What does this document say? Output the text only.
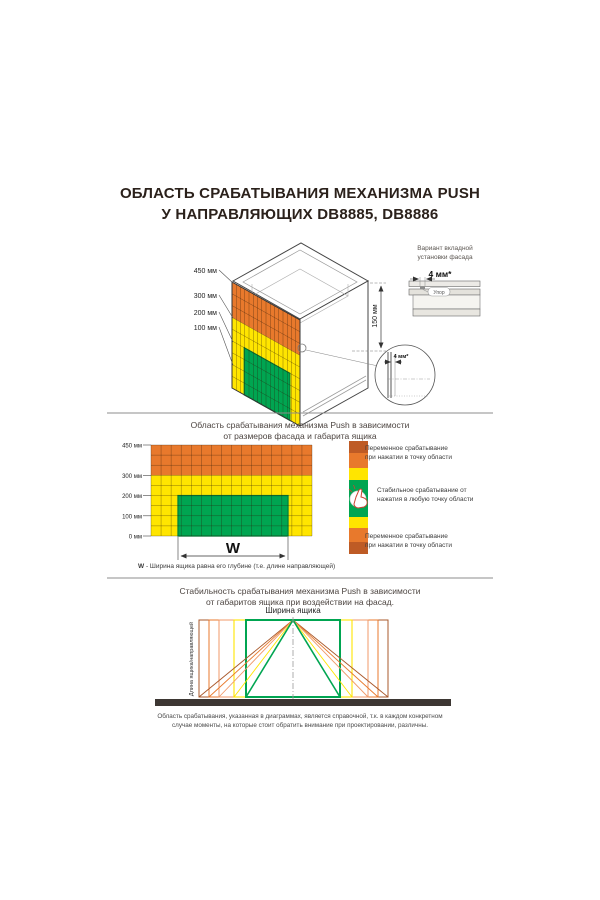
450 мм
300 мм
200 мм
100 мм
150 мм
4 мм*
4 мм*
Упор
450 мм
300 мм
200 мм
100 мм
0 мм
W
Ширина ящика
Длина ящика/направляющей
ОБЛАСТЬ СРАБАТЫВАНИЯ МЕХАНИЗМА PUSH
У НАПРАВЛЯЮЩИХ DB8885, DB8886
Вариант вкладной
установки фасада
Область срабатывания механизма Push в зависимости
от размеров фасада и габарита ящика
Переменное срабатывание
при нажатии в точку области
Стабильное срабатывание от
нажатия в любую точку области
Переменное срабатывание
при нажатии в точку области
W - Ширина ящика равна его глубине (т.е. длине направляющей)
Стабильность срабатывания механизма Push в зависимости
от габаритов ящика при воздействии на фасад.
Область срабатывания, указанная в диаграммах, является справочной, т.к. в каждом конкретном
случае моменты, на которые стоит обратить внимание при проектировании, различны.
